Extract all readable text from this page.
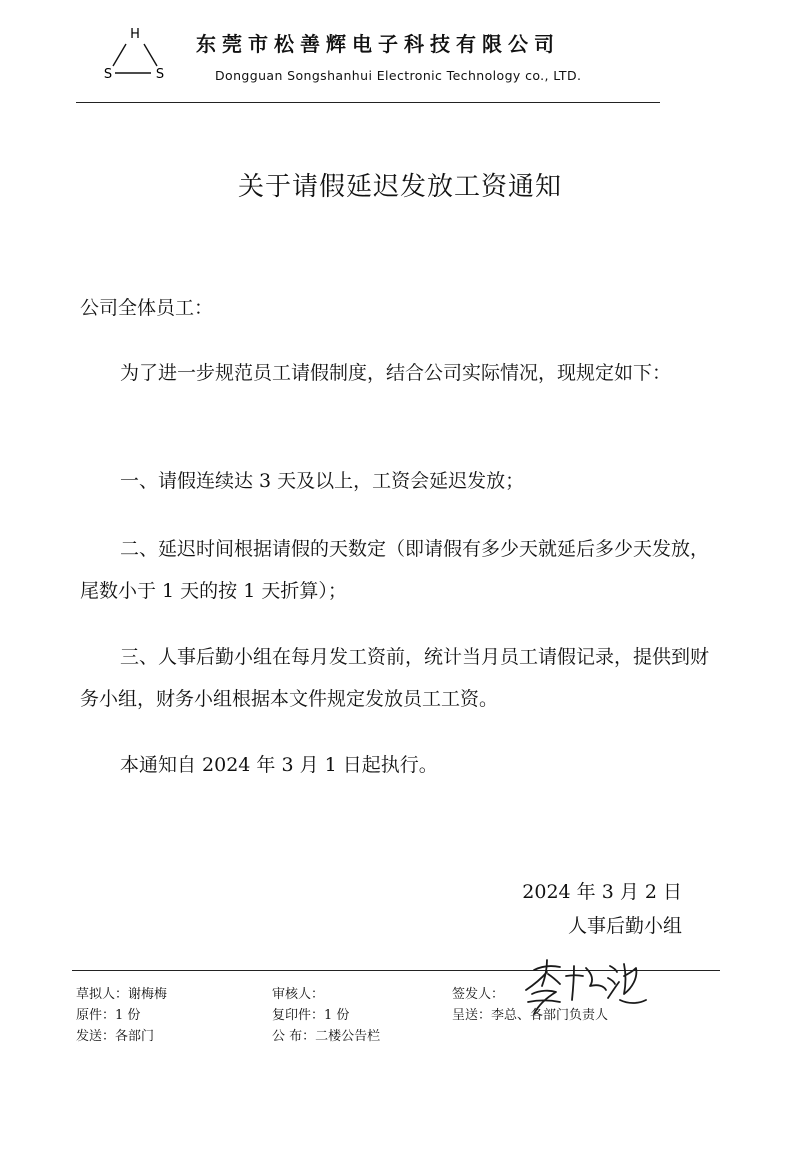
H
S	S
东莞市松善辉电子科技有限公司
Dongguan Songshanhui Electronic Technology co., LTD.
关于请假延迟发放工资通知

公司全体员工：

为了进一步规范员工请假制度，结合公司实际情况，现规定如下：

一、请假连续达 3 天及以上，工资会延迟发放；

二、延迟时间根据请假的天数定（即请假有多少天就延后多少天发放，尾数小于 1 天的按 1 天折算）；

三、人事后勤小组在每月发工资前，统计当月员工请假记录，提供到财务小组，财务小组根据本文件规定发放员工工资。

本通知自 2024 年 3 月 1 日起执行。

2024 年 3 月 2 日
人事后勤小组
草拟人：谢梅梅	审核人：	签发人：
原件：1 份	复印件：1 份	呈送：李总、各部门负责人
发送：各部门	公 布：二楼公告栏
